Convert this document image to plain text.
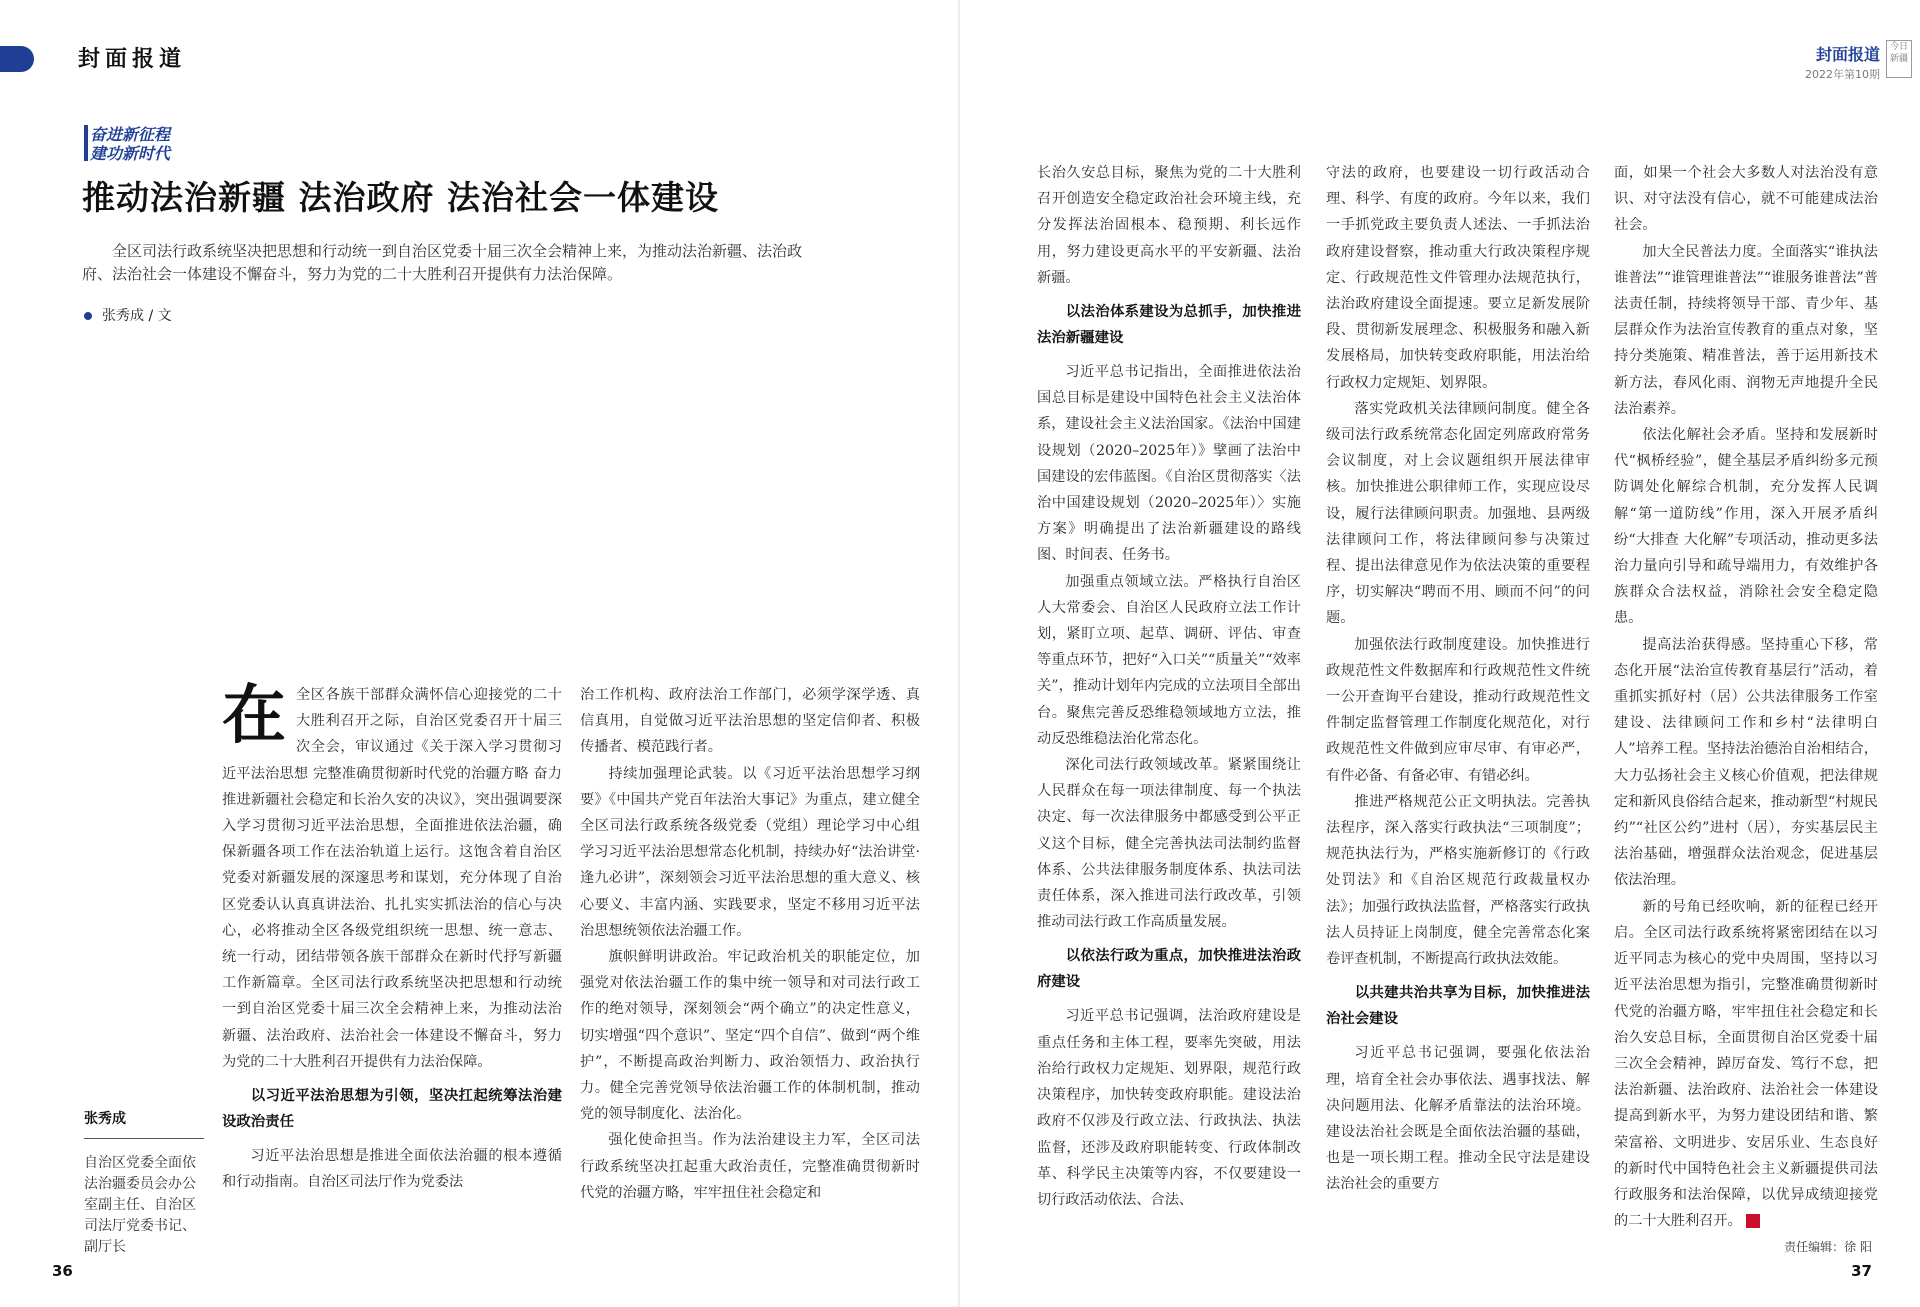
封面报道
奋进新征程
建功新时代
推动法治新疆 法治政府 法治社会一体建设
全区司法行政系统坚决把思想和行动统一到自治区党委十届三次全会精神上来，为推动法治新疆、法治政府、法治社会一体建设不懈奋斗，努力为党的二十大胜利召开提供有力法治保障。
张秀成 / 文
在 全区各族干部群众满怀信心迎接党的二十大胜利召开之际，自治区党委召开十届三次全会，审议通过《关于深入学习贯彻习近平法治思想 完整准确贯彻新时代党的治疆方略 奋力推进新疆社会稳定和长治久安的决议》，突出强调要深入学习贯彻习近平法治思想，全面推进依法治疆，确保新疆各项工作在法治轨道上运行。这饱含着自治区党委对新疆发展的深邃思考和谋划，充分体现了自治区党委认认真真讲法治、扎扎实实抓法治的信心与决心，必将推动全区各级党组织统一思想、统一意志、统一行动，团结带领各族干部群众在新时代抒写新疆工作新篇章。全区司法行政系统坚决把思想和行动统一到自治区党委十届三次全会精神上来，为推动法治新疆、法治政府、法治社会一体建设不懈奋斗，努力为党的二十大胜利召开提供有力法治保障。

以习近平法治思想为引领，坚决扛起统筹法治建设政治责任

习近平法治思想是推进全面依法治疆的根本遵循和行动指南。自治区司法厅作为党委法

治工作机构、政府法治工作部门，必须学深学透、真信真用，自觉做习近平法治思想的坚定信仰者、积极传播者、模范践行者。

持续加强理论武装。以《习近平法治思想学习纲要》《中国共产党百年法治大事记》为重点，建立健全全区司法行政系统各级党委（党组）理论学习中心组学习习近平法治思想常态化机制，持续办好“法治讲堂·逢九必讲”，深刻领会习近平法治思想的重大意义、核心要义、丰富内涵、实践要求，坚定不移用习近平法治思想统领依法治疆工作。

旗帜鲜明讲政治。牢记政治机关的职能定位，加强党对依法治疆工作的集中统一领导和对司法行政工作的绝对领导，深刻领会“两个确立”的决定性意义，切实增强“四个意识”、坚定“四个自信”、做到“两个维护”，不断提高政治判断力、政治领悟力、政治执行力。健全完善党领导依法治疆工作的体制机制，推动党的领导制度化、法治化。

强化使命担当。作为法治建设主力军，全区司法行政系统坚决扛起重大政治责任，完整准确贯彻新时代党的治疆方略，牢牢扭住社会稳定和

张秀成
自治区党委全面依法治疆委员会办公室副主任、自治区司法厅党委书记、副厅长
36
封面报道
2022年第10期
今日新疆

长治久安总目标，聚焦为党的二十大胜利召开创造安全稳定政治社会环境主线，充分发挥法治固根本、稳预期、利长远作用，努力建设更高水平的平安新疆、法治新疆。

以法治体系建设为总抓手，加快推进法治新疆建设

习近平总书记指出，全面推进依法治国总目标是建设中国特色社会主义法治体系，建设社会主义法治国家。《法治中国建设规划（2020–2025年）》擘画了法治中国建设的宏伟蓝图。《自治区贯彻落实〈法治中国建设规划（2020–2025年）〉实施方案》明确提出了法治新疆建设的路线图、时间表、任务书。

加强重点领域立法。严格执行自治区人大常委会、自治区人民政府立法工作计划，紧盯立项、起草、调研、评估、审查等重点环节，把好“入口关”“质量关”“效率关”，推动计划年内完成的立法项目全部出台。聚焦完善反恐维稳领域地方立法，推动反恐维稳法治化常态化。

深化司法行政领域改革。紧紧围绕让人民群众在每一项法律制度、每一个执法决定、每一次法律服务中都感受到公平正义这个目标，健全完善执法司法制约监督体系、公共法律服务制度体系、执法司法责任体系，深入推进司法行政改革，引领推动司法行政工作高质量发展。

以依法行政为重点，加快推进法治政府建设

习近平总书记强调，法治政府建设是重点任务和主体工程，要率先突破，用法治给行政权力定规矩、划界限，规范行政决策程序，加快转变政府职能。建设法治政府不仅涉及行政立法、行政执法、执法监督，还涉及政府职能转变、行政体制改革、科学民主决策等内容，不仅要建设一切行政活动依法、合法、

守法的政府，也要建设一切行政活动合理、科学、有度的政府。今年以来，我们一手抓党政主要负责人述法、一手抓法治政府建设督察，推动重大行政决策程序规定、行政规范性文件管理办法规范执行，法治政府建设全面提速。要立足新发展阶段、贯彻新发展理念、积极服务和融入新发展格局，加快转变政府职能，用法治给行政权力定规矩、划界限。

落实党政机关法律顾问制度。健全各级司法行政系统常态化固定列席政府常务会议制度，对上会议题组织开展法律审核。加快推进公职律师工作，实现应设尽设，履行法律顾问职责。加强地、县两级法律顾问工作，将法律顾问参与决策过程、提出法律意见作为依法决策的重要程序，切实解决“聘而不用、顾而不问”的问题。

加强依法行政制度建设。加快推进行政规范性文件数据库和行政规范性文件统一公开查询平台建设，推动行政规范性文件制定监督管理工作制度化规范化，对行政规范性文件做到应审尽审、有审必严，有件必备、有备必审、有错必纠。

推进严格规范公正文明执法。完善执法程序，深入落实行政执法“三项制度”；规范执法行为，严格实施新修订的《行政处罚法》和《自治区规范行政裁量权办法》；加强行政执法监督，严格落实行政执法人员持证上岗制度，健全完善常态化案卷评查机制，不断提高行政执法效能。

以共建共治共享为目标，加快推进法治社会建设

习近平总书记强调，要强化依法治理，培育全社会办事依法、遇事找法、解决问题用法、化解矛盾靠法的法治环境。建设法治社会既是全面依法治疆的基础，也是一项长期工程。推动全民守法是建设法治社会的重要方

面，如果一个社会大多数人对法治没有意识、对守法没有信心，就不可能建成法治社会。

加大全民普法力度。全面落实“谁执法谁普法”“谁管理谁普法”“谁服务谁普法”普法责任制，持续将领导干部、青少年、基层群众作为法治宣传教育的重点对象，坚持分类施策、精准普法，善于运用新技术新方法，春风化雨、润物无声地提升全民法治素养。

依法化解社会矛盾。坚持和发展新时代“枫桥经验”，健全基层矛盾纠纷多元预防调处化解综合机制，充分发挥人民调解“第一道防线”作用，深入开展矛盾纠纷“大排查 大化解”专项活动，推动更多法治力量向引导和疏导端用力，有效维护各族群众合法权益，消除社会安全稳定隐患。

提高法治获得感。坚持重心下移，常态化开展“法治宣传教育基层行”活动，着重抓实抓好村（居）公共法律服务工作室建设、法律顾问工作和乡村“法律明白人”培养工程。坚持法治德治自治相结合，大力弘扬社会主义核心价值观，把法律规定和新风良俗结合起来，推动新型“村规民约”“社区公约”进村（居），夯实基层民主法治基础，增强群众法治观念，促进基层依法治理。

新的号角已经吹响，新的征程已经开启。全区司法行政系统将紧密团结在以习近平同志为核心的党中央周围，坚持以习近平法治思想为指引，完整准确贯彻新时代党的治疆方略，牢牢扭住社会稳定和长治久安总目标，全面贯彻自治区党委十届三次全会精神，踔厉奋发、笃行不怠，把法治新疆、法治政府、法治社会一体建设提高到新水平，为努力建设团结和谐、繁荣富裕、文明进步、安居乐业、生态良好的新时代中国特色社会主义新疆提供司法行政服务和法治保障，以优异成绩迎接党的二十大胜利召开。	J

责任编辑：徐 阳
37
